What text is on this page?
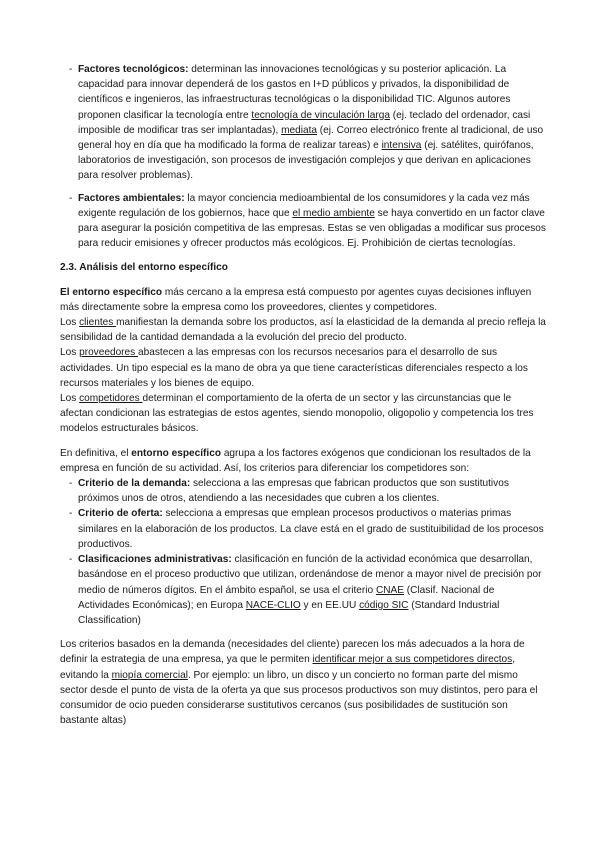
- Factores tecnológicos: determinan las innovaciones tecnológicas y su posterior aplicación. La capacidad para innovar dependerá de los gastos en I+D públicos y privados, la disponibilidad de científicos e ingenieros, las infraestructuras tecnológicas o la disponibilidad TIC. Algunos autores proponen clasificar la tecnología entre tecnología de vinculación larga (ej. teclado del ordenador, casi imposible de modificar tras ser implantadas), mediata (ej. Correo electrónico frente al tradicional, de uso general hoy en día que ha modificado la forma de realizar tareas) e intensiva (ej. satélites, quirófanos, laboratorios de investigación, son procesos de investigación complejos y que derivan en aplicaciones para resolver problemas).

- Factores ambientales: la mayor conciencia medioambiental de los consumidores y la cada vez más exigente regulación de los gobiernos, hace que el medio ambiente se haya convertido en un factor clave para asegurar la posición competitiva de las empresas. Estas se ven obligadas a modificar sus procesos para reducir emisiones y ofrecer productos más ecológicos. Ej. Prohibición de ciertas tecnologías.

2.3. Análisis del entorno específico

El entorno específico más cercano a la empresa está compuesto por agentes cuyas decisiones influyen más directamente sobre la empresa como los proveedores, clientes y competidores.

Los clientes manifiestan la demanda sobre los productos, así la elasticidad de la demanda al precio refleja la sensibilidad de la cantidad demandada a la evolución del precio del producto.

Los proveedores abastecen a las empresas con los recursos necesarios para el desarrollo de sus actividades. Un tipo especial es la mano de obra ya que tiene características diferenciales respecto a los recursos materiales y los bienes de equipo.

Los competidores determinan el comportamiento de la oferta de un sector y las circunstancias que le afectan condicionan las estrategias de estos agentes, siendo monopolio, oligopolio y competencia los tres modelos estructurales básicos.

En definitiva, el entorno específico agrupa a los factores exógenos que condicionan los resultados de la empresa en función de su actividad. Así, los criterios para diferenciar los competidores son:

- Criterio de la demanda: selecciona a las empresas que fabrican productos que son sustitutivos próximos unos de otros, atendiendo a las necesidades que cubren a los clientes.

- Criterio de oferta: selecciona a empresas que emplean procesos productivos o materias primas similares en la elaboración de los productos. La clave está en el grado de sustituibilidad de los procesos productivos.

- Clasificaciones administrativas: clasificación en función de la actividad económica que desarrollan, basándose en el proceso productivo que utilizan, ordenándose de menor a mayor nivel de precisión por medio de números dígitos. En el ámbito español, se usa el criterio CNAE (Clasif. Nacional de Actividades Económicas); en Europa NACE-CLIO y en EE.UU código SIC (Standard Industrial Classification)

Los criterios basados en la demanda (necesidades del cliente) parecen los más adecuados a la hora de definir la estrategia de una empresa, ya que le permiten identificar mejor a sus competidores directos, evitando la miopía comercial. Por ejemplo: un libro, un disco y un concierto no forman parte del mismo sector desde el punto de vista de la oferta ya que sus procesos productivos son muy distintos, pero para el consumidor de ocio pueden considerarse sustitutivos cercanos (sus posibilidades de sustitución son bastante altas)
